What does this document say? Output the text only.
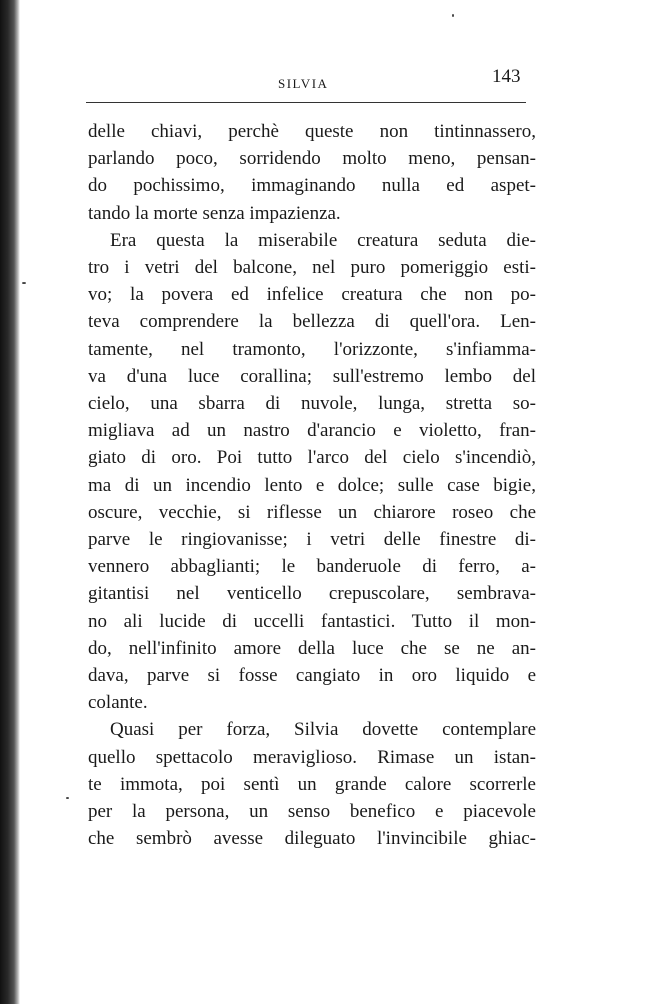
SILVIA	143
delle chiavi, perchè queste non tintinnassero,
parlando poco, sorridendo molto meno, pensan-
do pochissimo, immaginando nulla ed aspet-
tando la morte senza impazienza.
Era questa la miserabile creatura seduta die-
tro i vetri del balcone, nel puro pomeriggio esti-
vo; la povera ed infelice creatura che non po-
teva comprendere la bellezza di quell'ora. Len-
tamente, nel tramonto, l'orizzonte, s'infiamma-
va d'una luce corallina; sull'estremo lembo del
cielo, una sbarra di nuvole, lunga, stretta so-
migliava ad un nastro d'arancio e violetto, fran-
giato di oro. Poi tutto l'arco del cielo s'incendiò,
ma di un incendio lento e dolce; sulle case bigie,
oscure, vecchie, si riflesse un chiarore roseo che
parve le ringiovanisse; i vetri delle finestre di-
vennero abbaglianti; le banderuole di ferro, a-
gitantisi nel venticello crepuscolare, sembrava-
no ali lucide di uccelli fantastici. Tutto il mon-
do, nell'infinito amore della luce che se ne an-
dava, parve si fosse cangiato in oro liquido e
colante.
Quasi per forza, Silvia dovette contemplare
quello spettacolo meraviglioso. Rimase un istan-
te immota, poi sentì un grande calore scorrerle
per la persona, un senso benefico e piacevole
che sembrò avesse dileguato l'invincibile ghiac-
